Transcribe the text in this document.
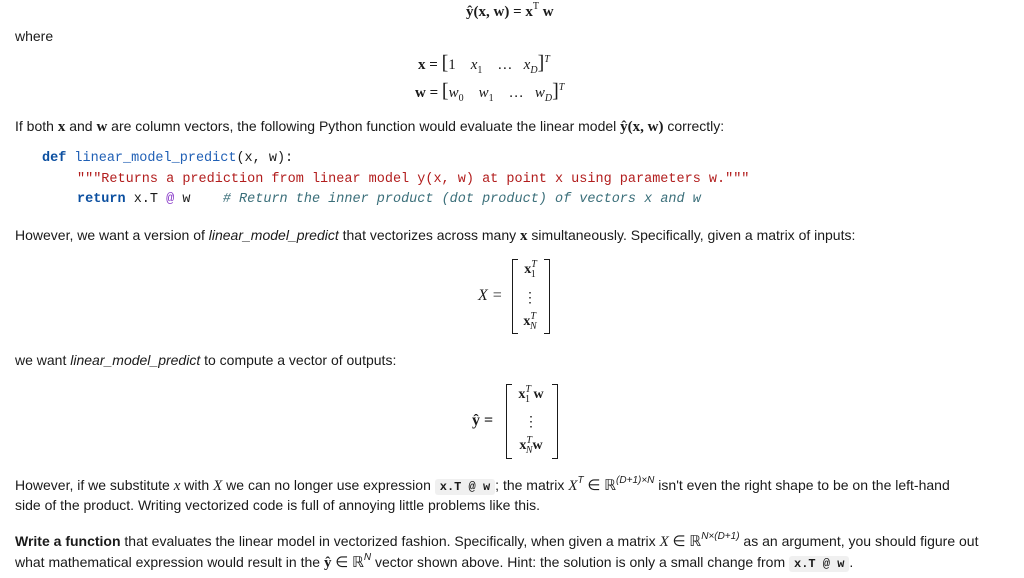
ŷ(x, $w) = x^T$ w
where
x = [1 $x_1$ … $x_D]^T$
$w = [w_0$ $w_1$ … $w_D]^T$
If both x and w are column vectors, the following Python function would evaluate the linear model ŷ(x, w) correctly:
def linear_model_predict(x, w):
"""Returns a prediction from linear model y(x, w) at point x using parameters w."""
return x.T @ w    # Return the inner product (dot product) of vectors x and w
However, we want a version of linear_model_predict that vectorizes across many x simultaneously. Specifically, given a matrix of inputs:
X =
$x^T_1$
⋮
$x^T_N$
we want linear_model_predict to compute a vector of outputs:
ŷ =
$x^T_1$ w
⋮
$x^T_Nw$
However, if we substitute x with X we can no longer use expression x.T @ w ; the matrix $X^T$ ∈ ℝ$^{(D+1)\times N}$ isn't even the right shape to be on the left-hand
side of the product. Writing vectorized code is full of annoying little problems like this.
Write a function that evaluates the linear model in vectorized fashion. Specifically, when given a matrix X ∈ ℝ$^{N\times(D+1)}$ as an argument, you should figure out
what mathematical expression would result in the ŷ ∈ ℝ$^N$ vector shown above. Hint: the solution is only a small change from x.T @ w .
